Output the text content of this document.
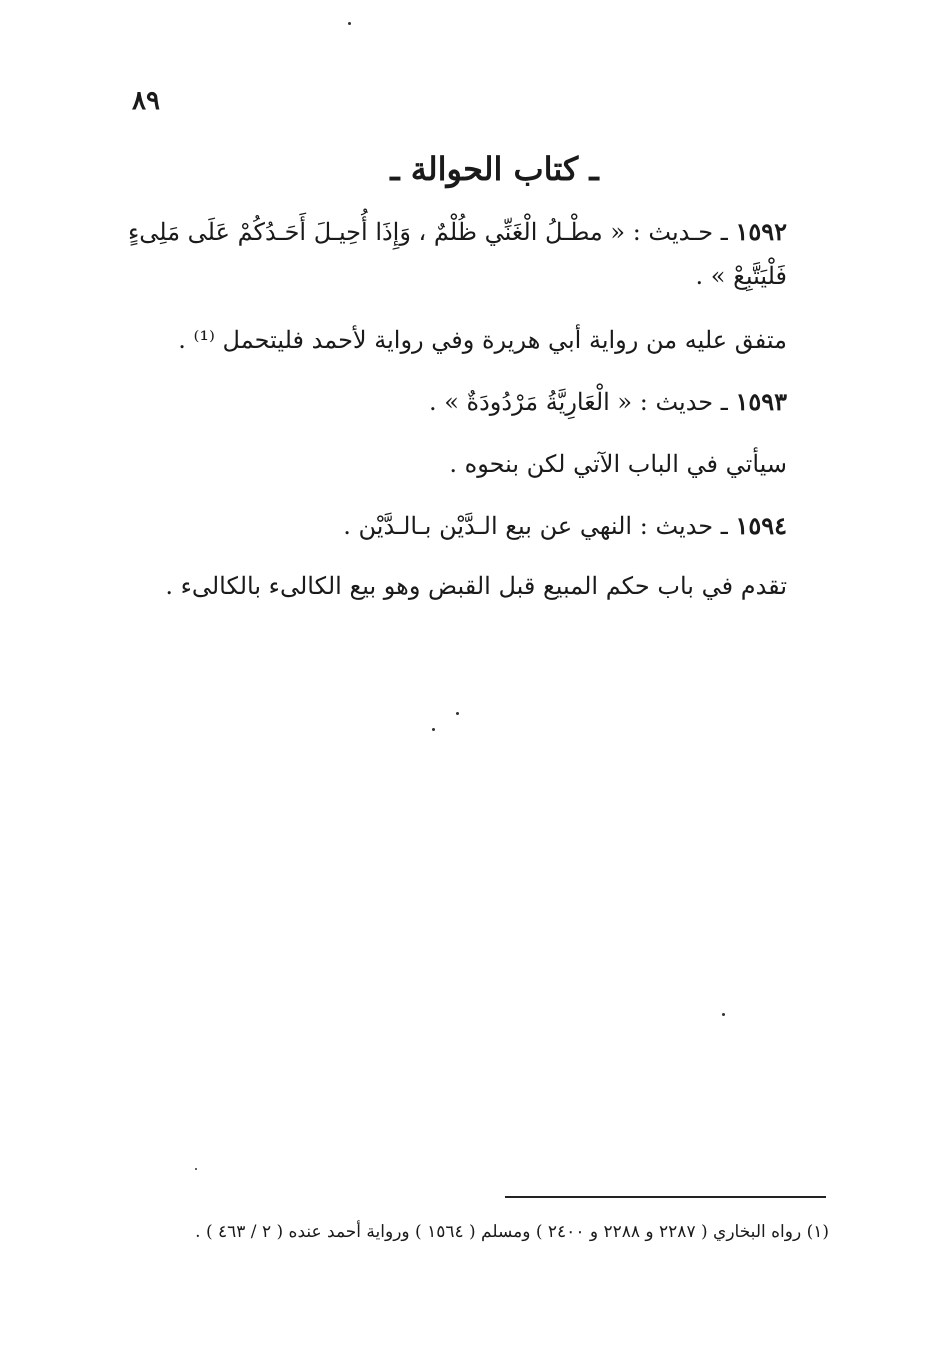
٨٩
ـ كتاب الحوالة ـ
١٥٩٢ ـ حـديث : « مطْـلُ الْغَنِّي ظُلْمٌ ، وَإِذَا أُحِيـلَ أَحَـدُكُمْ عَلَى مَلِىءٍ
فَلْيَتَّبِعْ » .
متفق عليه من رواية أبي هريرة وفي رواية لأحمد فليتحمل ⁽¹⁾ .
١٥٩٣ ـ حديث : « الْعَارِيَّةُ مَرْدُودَةٌ » .
سيأتي في الباب الآتي لكن بنحوه .
١٥٩٤ ـ حديث : النهي عن بيع الـدَّيْن بـالـدَّيْن .
تقدم في باب حكم المبيع قبل القبض وهو بيع الكالىء بالكالىء .
(١) رواه البخاري ( ٢٢٨٧ و ٢٢٨٨ و ٢٤٠٠ ) ومسلم ( ١٥٦٤ ) ورواية أحمد عنده ( ٢ / ٤٦٣ ) .
